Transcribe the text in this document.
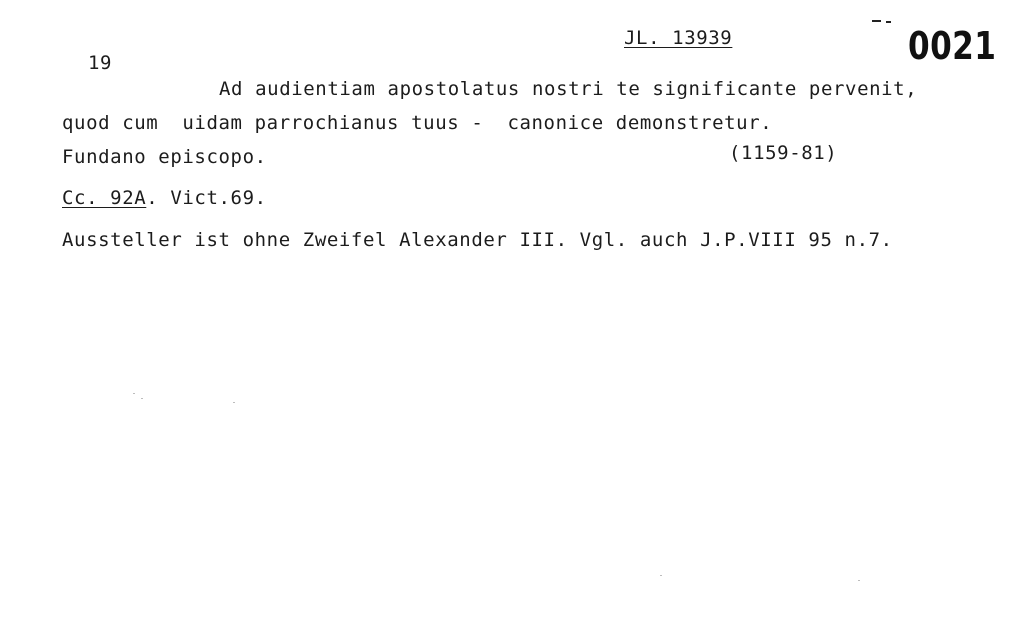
19
JL. 13939	0021
Ad audientiam apostolatus nostri te significante pervenit,
quod cum  uidam parrochianus tuus -  canonice demonstretur.
Fundano episcopo.	(1159-81)
Cc. 92A. Vict.69.
Aussteller ist ohne Zweifel Alexander III. Vgl. auch J.P.VIII 95 n.7.
